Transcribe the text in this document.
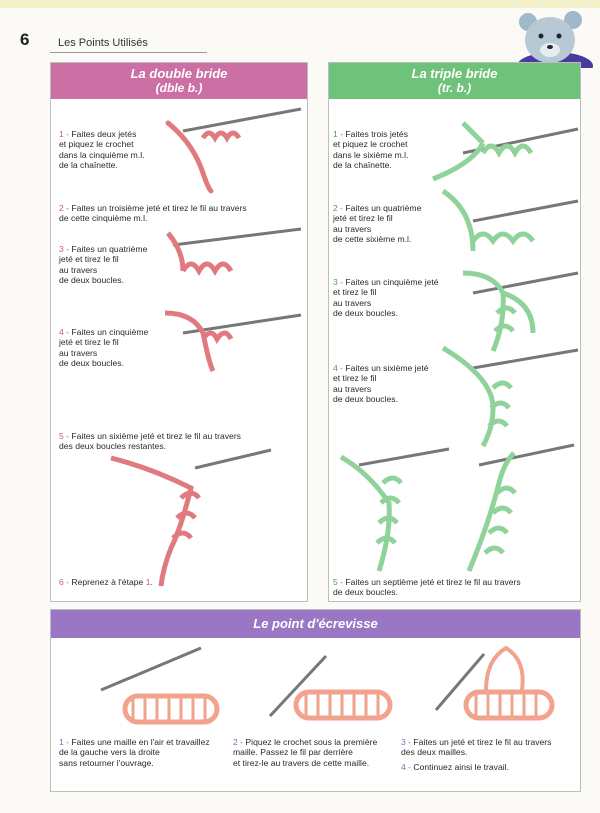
6	Les Points Utilisés
La double bride
(dble b.)
1 - Faites deux jetés
et piquez le crochet
dans la cinquième m.l.
de la chaînette.
2 - Faites un troisième jeté et tirez le fil au travers
de cette cinquième m.l.
3 - Faites un quatrième
jeté et tirez le fil
au travers
de deux boucles.
4 - Faites un cinquième
jeté et tirez le fil
au travers
de deux boucles.
5 - Faites un sixième jeté et tirez le fil au travers
des deux boucles restantes.
6 - Reprenez à l'étape 1.
La triple bride
(tr. b.)
1 - Faites trois jetés
et piquez le crochet
dans le sixième m.l.
de la chaînette.
2 - Faites un quatrième
jeté et tirez le fil
au travers
de cette sixième m.l.
3 - Faites un cinquième jeté
et tirez le fil
au travers
de deux boucles.
4 - Faites un sixième jeté
et tirez le fil
au travers
de deux boucles.
5 - Faites un septième jeté et tirez le fil au travers
de deux boucles.
Le point d'écrevisse
1 - Faites une maille en l'air et travaillez
de la gauche vers la droite
sans retourner l'ouvrage.
2 - Piquez le crochet sous la première
maille. Passez le fil par derrière
et tirez-le au travers de cette maille.
3 - Faites un jeté et tirez le fil au travers
des deux mailles.
4 - Continuez ainsi le travail.
